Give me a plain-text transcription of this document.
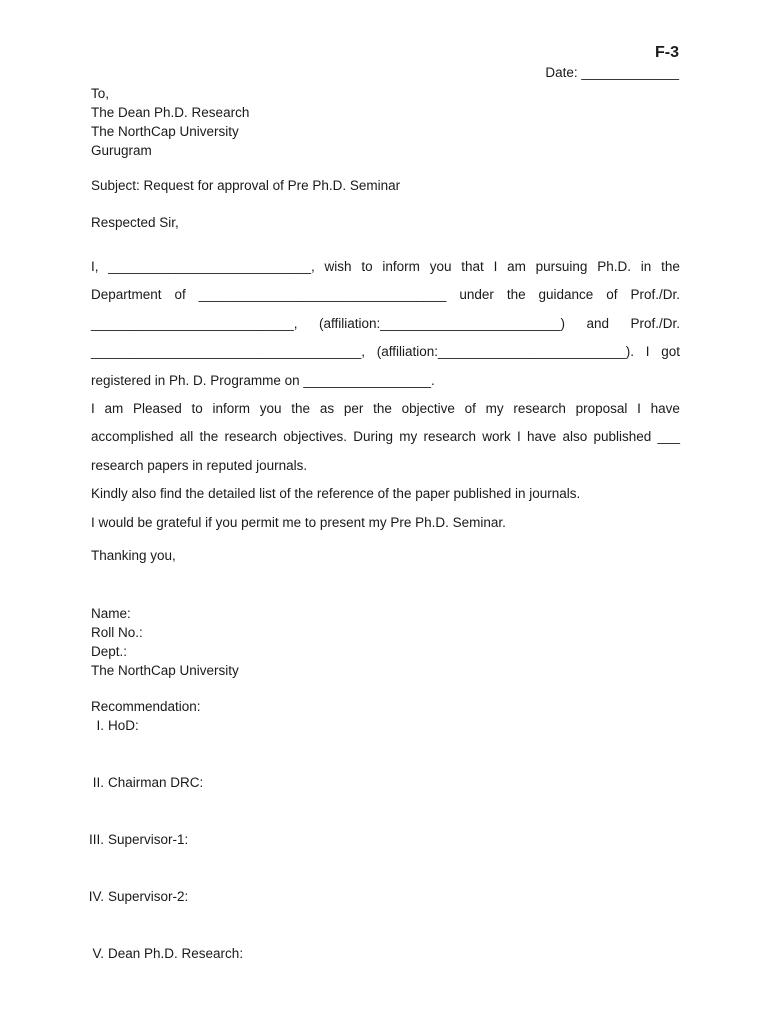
F-3
Date: _____________
To,
The Dean Ph.D. Research
The NorthCap University
Gurugram
Subject: Request for approval of Pre Ph.D. Seminar
Respected Sir,
I, ___________________________, wish to inform you that I am pursuing Ph.D. in the
Department of _________________________________ under the guidance of Prof./Dr.
___________________________, (affiliation:________________________) and Prof./Dr.
____________________________________, (affiliation:_________________________). I got
registered in Ph. D. Programme on _________________.
I am Pleased to inform you the as per the objective of my research proposal I have
accomplished all the research objectives. During my research work I have also published ___
research papers in reputed journals.
Kindly also find the detailed list of the reference of the paper published in journals.
I would be grateful if you permit me to present my Pre Ph.D. Seminar.
Thanking you,
Name:
Roll No.:
Dept.:
The NorthCap University
Recommendation:
I. HoD:
II. Chairman DRC:
III. Supervisor-1:
IV. Supervisor-2:
V. Dean Ph.D. Research:
